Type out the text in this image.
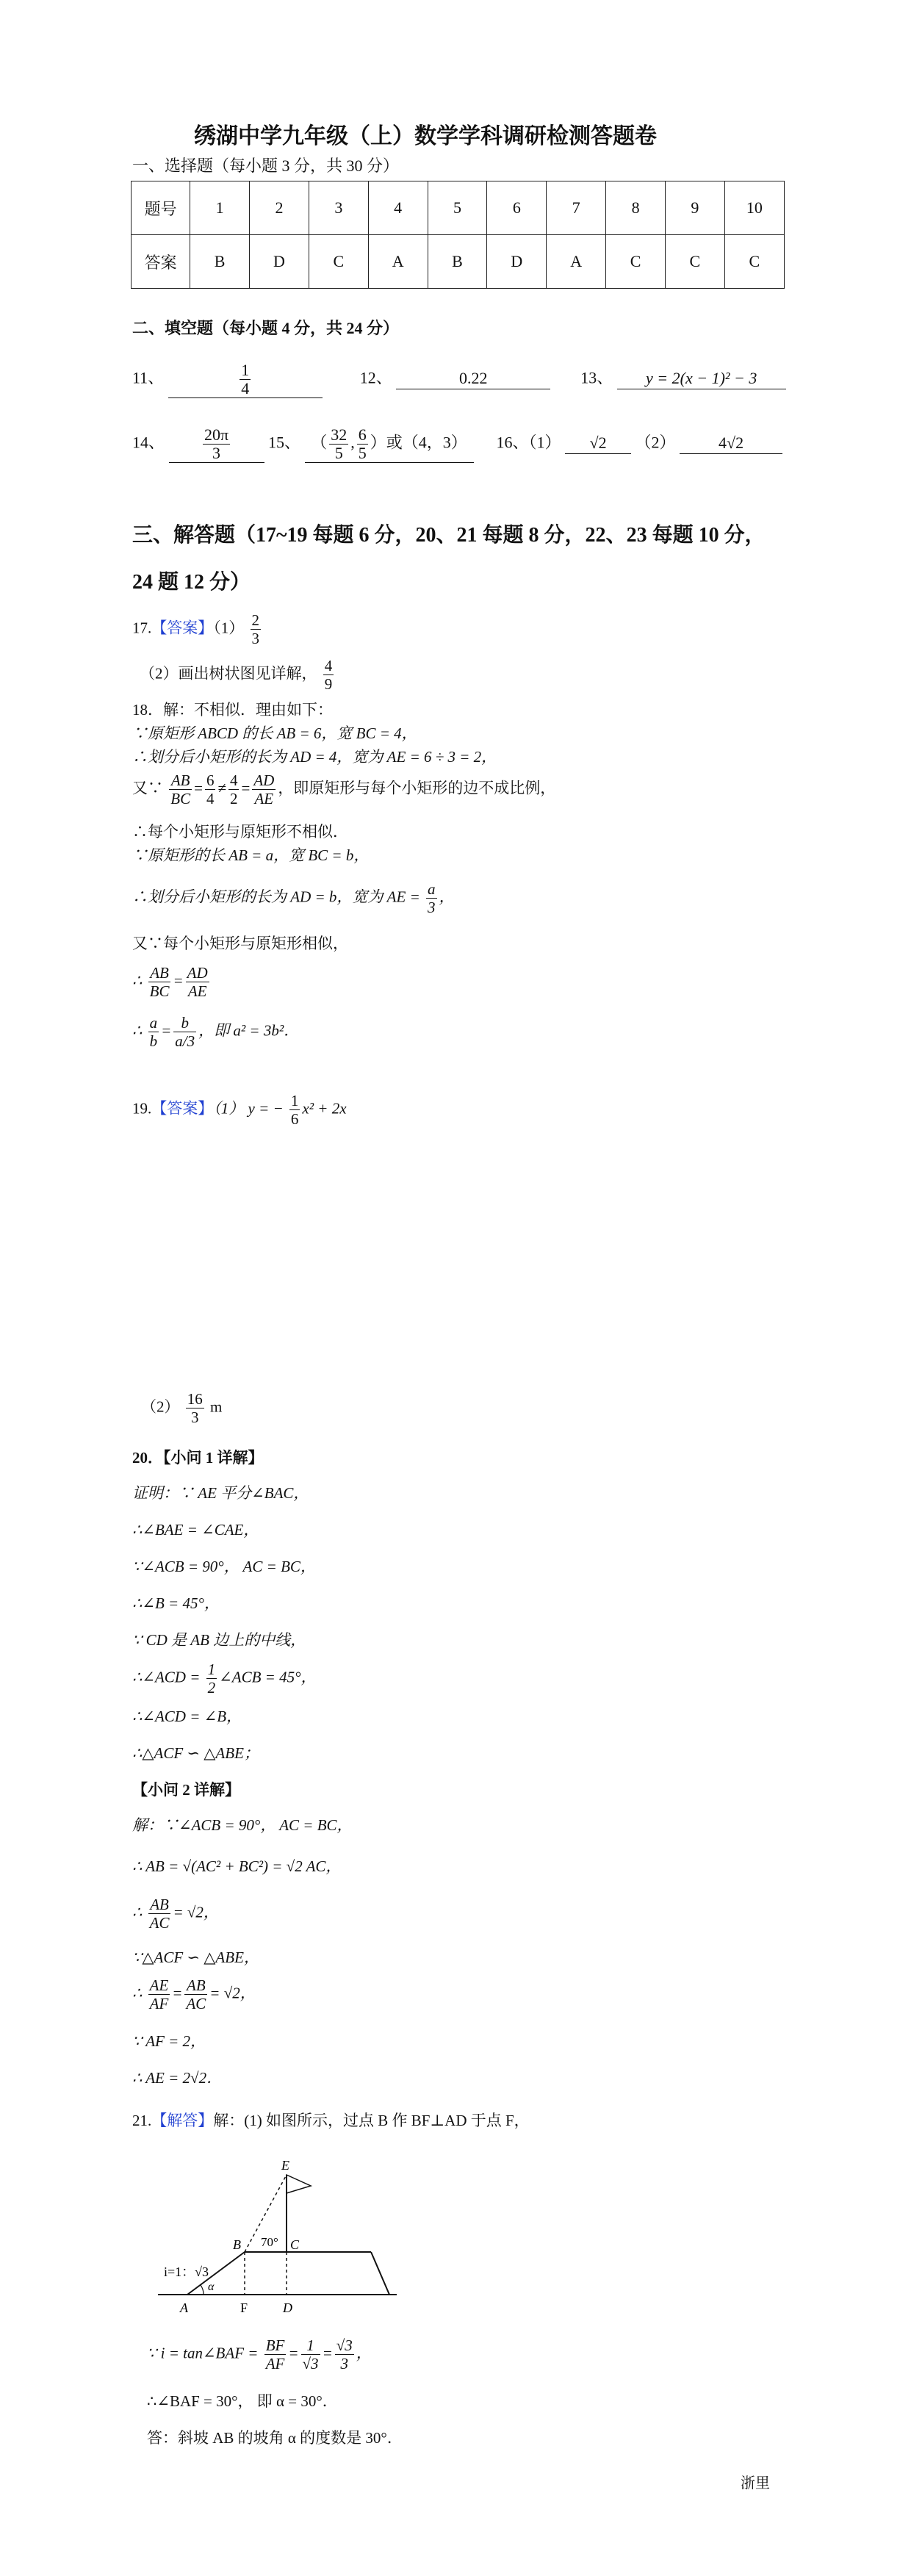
绣湖中学九年级（上）数学学科调研检测答题卷
一、选择题（每小题 3 分，共 30 分）
题号	1	2	3	4	5	6	7	8	9	10
答案	B	D	C	A	B	D	A	C	C	C
二、填空题（每小题 4 分，共 24 分）
11、	$\frac{1}{4}$	12、	0.22	13、 y = 2(x − 1)² − 3
14、 $\frac{20\pi}{3} 15$、 （ $\frac{32}{5}$ , $\frac{6}{5}$ ）或（4，3） 16、（1） √2 （2）	4√2
三、解答题（17~19 每题 6 分，20、21 每题 8 分，22、23 每题 10 分，
24 题 12 分）
17.【答案】$(1) \frac{2}{3}$
（2）画出树状图见详解， $\frac{4}{9}$
18．解：不相似．理由如下：
∵原矩形 ABCD 的长 AB = 6，宽 BC = 4，
∴划分后小矩形的长为 AD = 4，宽为 AE = 6 ÷ 3 = 2，
又∵ $\frac{AB}{BC} = \frac{6}{4} \ne \frac{4}{2} = \frac{AD}{AE}$ ，即原矩形与每个小矩形的边不成比例，
∴每个小矩形与原矩形不相似．
∵原矩形的长 AB = a，宽 BC = b，
∴划分后小矩形的长为 AD = b，宽为 AE = $\frac{a}{3}$ ，
又∵每个小矩形与原矩形相似，
∴ $\frac{AB}{BC} = \frac{AD}{AE}$
∴ $\frac{a}{b} = \frac{b}{a/3}$ ，即 a² = 3b²．
19.【答案】（1） y = − $\frac{1}{6} x^2 + 2x$
$(2) \frac{16}{3}$ m
20．【小问 1 详解】
证明：∵ AE 平分∠BAC，
∴∠BAE = ∠CAE，
∵∠ACB = 90°， AC = BC，
∴∠B = 45°，
∵ CD 是 AB 边上的中线，
∴∠ACD = $\frac{1}{2}$ ∠ACB = 45°，
∴∠ACD = ∠B，
∴△ACF ∽ △ABE；
【小问 2 详解】
解：∵∠ACB = 90°， AC = BC，
∴ AB = √(AC² + BC²) = √2 AC，
∴ $\frac{AB}{AC} = √2$，
∵△ACF ∽ △ABE，
∴ $\frac{AE}{AF} = \frac{AB}{AC} = √2$，
∵ AF = 2，
∴ AE = 2√2．
21.【解答】解：(1) 如图所示，过点 B 作 BF⊥AD 于点 F，
i=1：√3
α
70°
A
B	C
D
E
F
∵ i = tan∠BAF = $\frac{BF}{AF} = \frac{1}{√3} = \frac{√3}{3}$ ，
∴∠BAF = 30°， 即 α = 30°．
答：斜坡 AB 的坡角 α 的度数是 30°．
浙里
